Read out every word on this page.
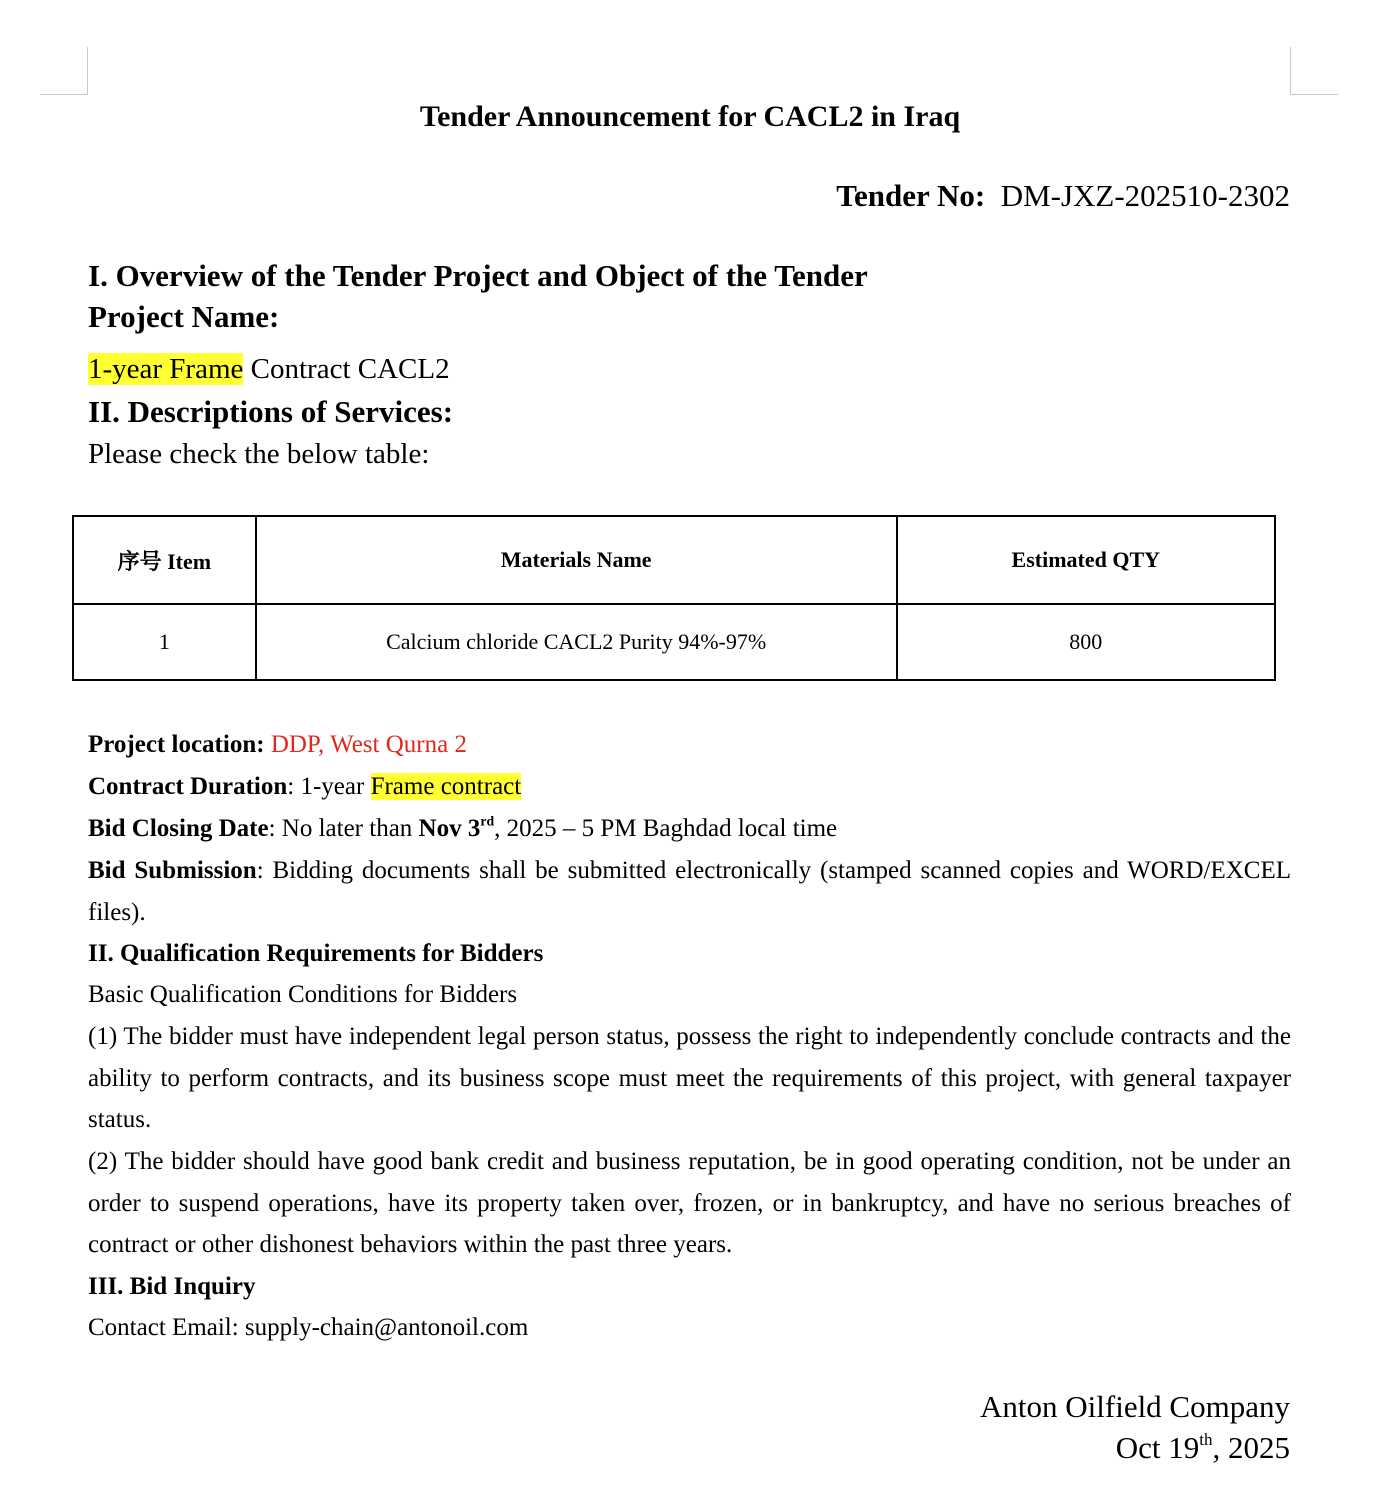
Tender Announcement for CACL2 in Iraq
Tender No: DM-JXZ-202510-2302
I. Overview of the Tender Project and Object of the Tender
Project Name:
1-year Frame Contract CACL2
II. Descriptions of Services:
Please check the below table:
序号 Item	Materials Name	Estimated QTY
1	Calcium chloride CACL2 Purity 94%-97%	800
Project location: DDP, West Qurna 2
Contract Duration: 1-year Frame contract
Bid Closing Date: No later than Nov 3rd, 2025 – 5 PM Baghdad local time
Bid Submission: Bidding documents shall be submitted electronically (stamped scanned copies and WORD/EXCEL files).
II. Qualification Requirements for Bidders
Basic Qualification Conditions for Bidders
(1) The bidder must have independent legal person status, possess the right to independently conclude contracts and the ability to perform contracts, and its business scope must meet the requirements of this project, with general taxpayer status.
(2) The bidder should have good bank credit and business reputation, be in good operating condition, not be under an order to suspend operations, have its property taken over, frozen, or in bankruptcy, and have no serious breaches of contract or other dishonest behaviors within the past three years.
III. Bid Inquiry
Contact Email: supply-chain@antonoil.com
Anton Oilfield Company
Oct 19th, 2025
